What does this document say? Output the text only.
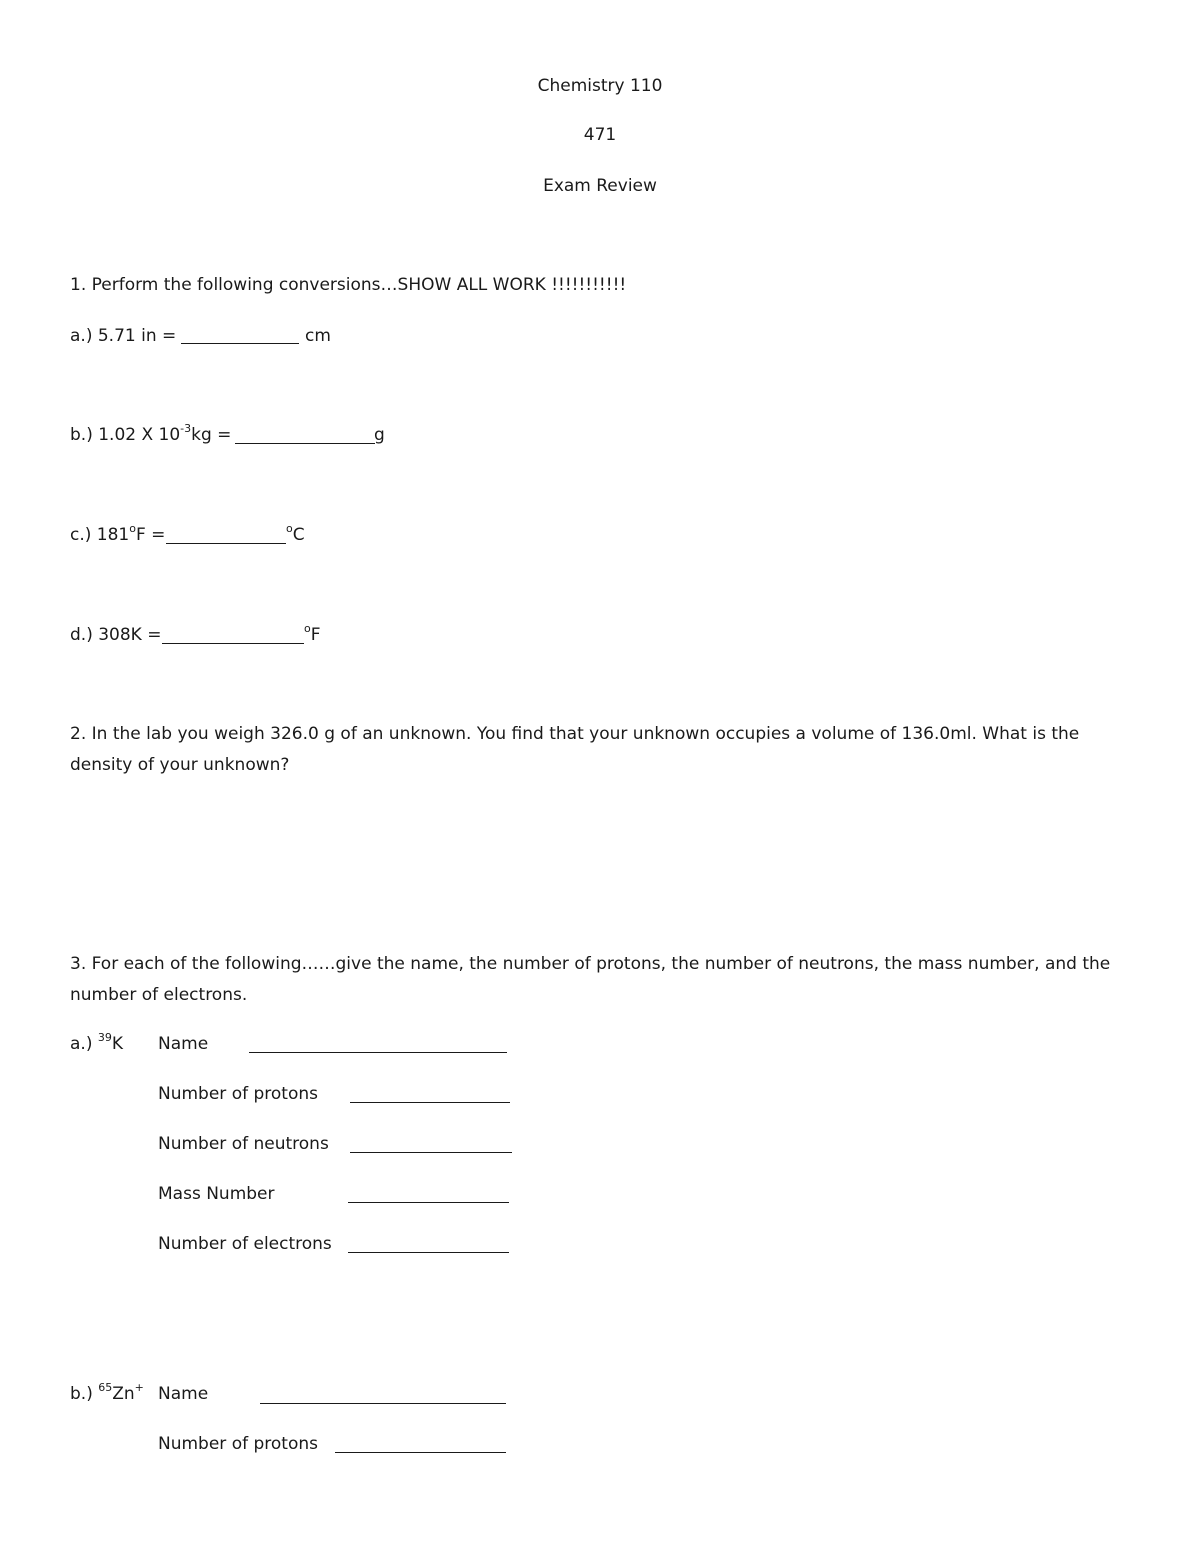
Chemistry 110
471
Exam Review
1. Perform the following conversions…SHOW ALL WORK !!!!!!!!!!!
a.) 5.71 in =	cm
b.) 1.02 X $10^{-3}kg$ =	g
c.) $181^oF$ =	$^o$C
d.) 308K =	$^o$F
2. In the lab you weigh 326.0 g of an unknown. You find that your unknown occupies a volume of 136.0ml. What is the density of your unknown?
3. For each of the following……give the name, the number of protons, the number of neutrons, the mass number, and the number of electrons.
a.) $^{39}$K Name
Number of protons
Number of neutrons
Mass Number
Number of electrons
b.) $^{65}$Zn+ Name
Number of protons
